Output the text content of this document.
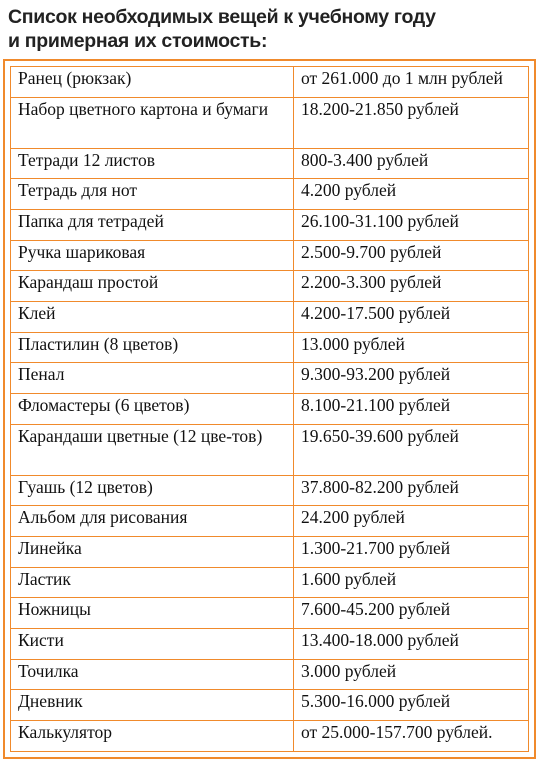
Список необходимых вещей к учебному году
и примерная их стоимость:
Ранец (рюкзак)	от 261.000 до 1 млн рублей
Набор цветного картона и бумаги	18.200-21.850 рублей
Тетради 12 листов	800-3.400 рублей
Тетрадь для нот	4.200 рублей
Папка для тетрадей	26.100-31.100 рублей
Ручка шариковая	2.500-9.700 рублей
Карандаш простой	2.200-3.300 рублей
Клей	4.200-17.500 рублей
Пластилин (8 цветов)	13.000 рублей
Пенал	9.300-93.200 рублей
Фломастеры (6 цветов)	8.100-21.100 рублей
Карандаши цветные (12 цве-тов)	19.650-39.600 рублей
Гуашь (12 цветов)	37.800-82.200 рублей
Альбом для рисования	24.200 рублей
Линейка	1.300-21.700 рублей
Ластик	1.600 рублей
Ножницы	7.600-45.200 рублей
Кисти	13.400-18.000 рублей
Точилка	3.000 рублей
Дневник	5.300-16.000 рублей
Калькулятор	от 25.000-157.700 рублей.
